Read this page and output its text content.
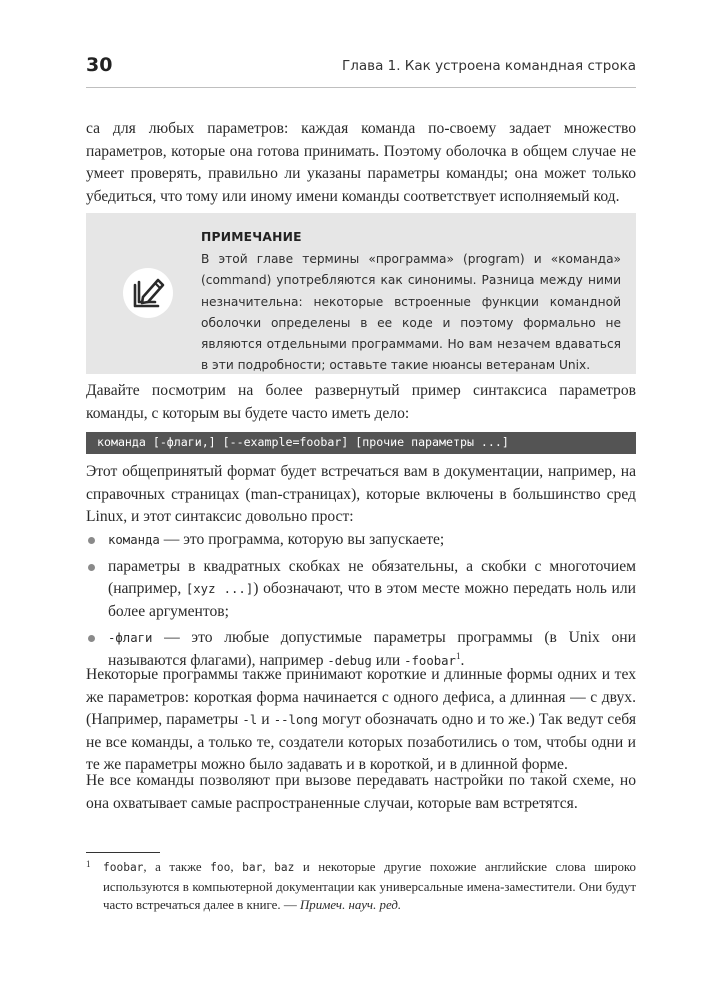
30	Глава 1. Как устроена командная строка

са для любых параметров: каждая команда по-своему задает множество параметров, которые она готова принимать. Поэтому оболочка в общем случае не умеет проверять, правильно ли указаны параметры команды; она может только убедиться, что тому или иному имени команды соответствует исполняемый код.

ПРИМЕЧАНИЕ

В этой главе термины «программа» (program) и «команда» (command) употребляются как синонимы. Разница между ними незначительна: некоторые встроенные функции командной оболочки определены в ее коде и поэтому формально не являются отдельными программами. Но вам незачем вдаваться в эти подробности; оставьте такие нюансы ветеранам Unix.

Давайте посмотрим на более развернутый пример синтаксиса параметров команды, с которым вы будете часто иметь дело:

команда [-флаги,] [--example=foobar] [прочие параметры ...]

Этот общепринятый формат будет встречаться вам в документации, например, на справочных страницах (man-страницах), которые включены в большинство сред Linux, и этот синтаксис довольно прост:

команда — это программа, которую вы запускаете;
параметры в квадратных скобках не обязательны, а скобки с многоточием (например, [xyz ...]) обозначают, что в этом месте можно передать ноль или более аргументов;
-флаги — это любые допустимые параметры программы (в Unix они называются флагами), например -debug или -foobar$^1$.

Некоторые программы также принимают короткие и длинные формы одних и тех же параметров: короткая форма начинается с одного дефиса, а длинная — с двух. (Например, параметры -l и --long могут обозначать одно и то же.) Так ведут себя не все команды, а только те, создатели которых позаботились о том, чтобы одни и те же параметры можно было задавать и в короткой, и в длинной форме.

Не все команды позволяют при вызове передавать настройки по такой схеме, но она охватывает самые распространенные случаи, которые вам встретятся.

1	foobar, а также foo, bar, baz и некоторые другие похожие английские слова широко используются в компьютерной документации как универсальные имена-заместители. Они будут часто встречаться далее в книге. — Примеч. науч. ред.
